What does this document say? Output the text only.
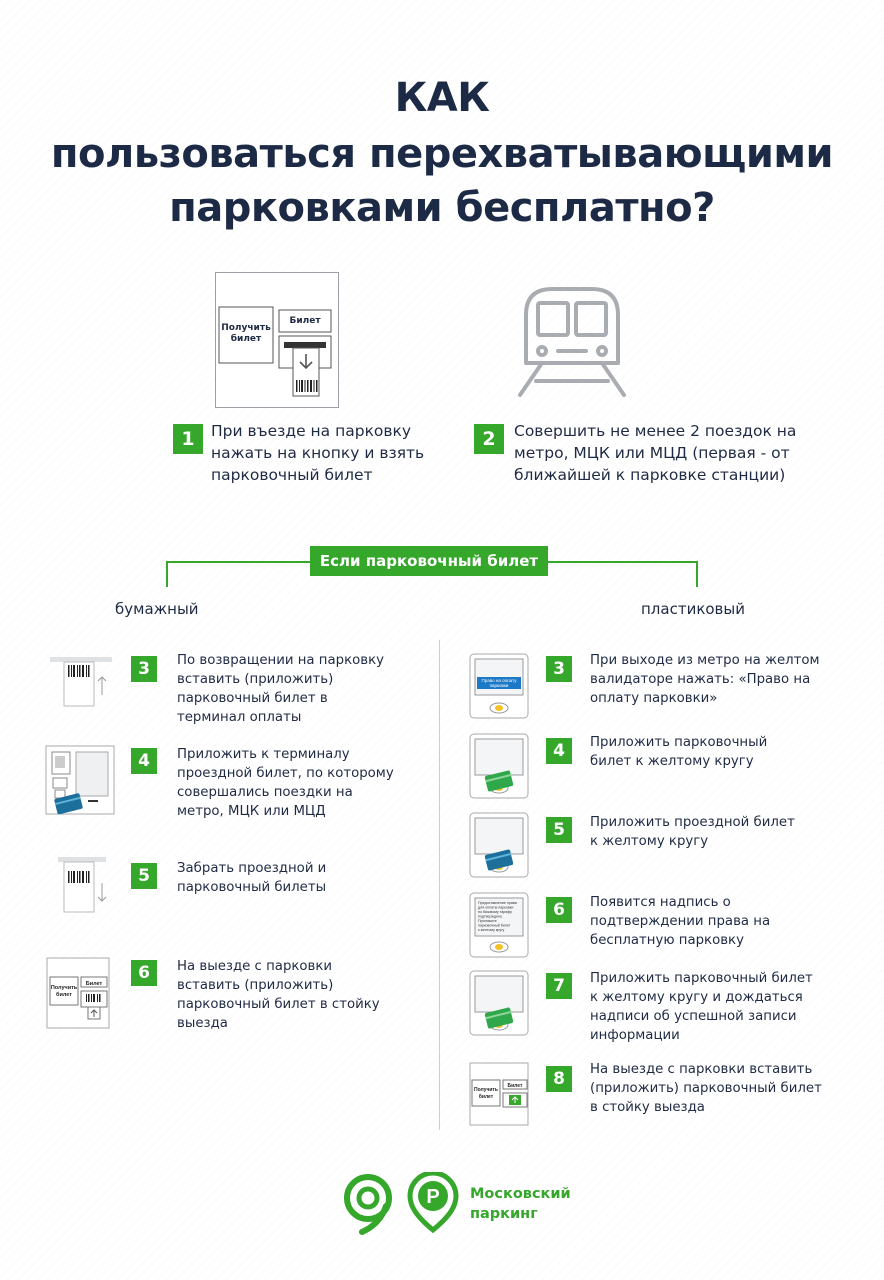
КАК
пользоваться перехватывающими
парковками бесплатно?
Получить
билет
Билет
1	При въезде на парковку
нажать на кнопку и взять
парковочный билет
2	Совершить не менее 2 поездок на
метро, МЦК или МЦД (первая - от
ближайшей к парковке станции)
Если парковочный билет
бумажный	пластиковый
3	По возвращении на парковку
вставить (приложить)
парковочный билет в
терминал оплаты
4	Приложить к терминалу
проездной билет, по которому
совершались поездки на
метро, МЦК или МЦД
5	Забрать проездной и
парковочный билеты
Получить
билет
Билет
6	На выезде с парковки
вставить (приложить)
парковочный билет в стойку
выезда
Право на оплату
парковки
3	При выходе из метро на желтом
валидаторе нажать: «Право на
оплату парковки»
4	Приложить парковочный
билет к желтому кругу
5	Приложить проездной билет
к желтому кругу
Предоставление права
для оплаты парковки
по базовому тарифу
подтверждено.
Приложите
парковочный билет
к желтому кругу
6	Появится надпись о
подтверждении права на
бесплатную парковку
7	Приложить парковочный билет
к желтому кругу и дождаться
надписи об успешной записи
информации
Получить
билет
Билет	8	На выезде с парковки вставить
(приложить) парковочный билет
в стойку выезда
P Московский
паркинг
